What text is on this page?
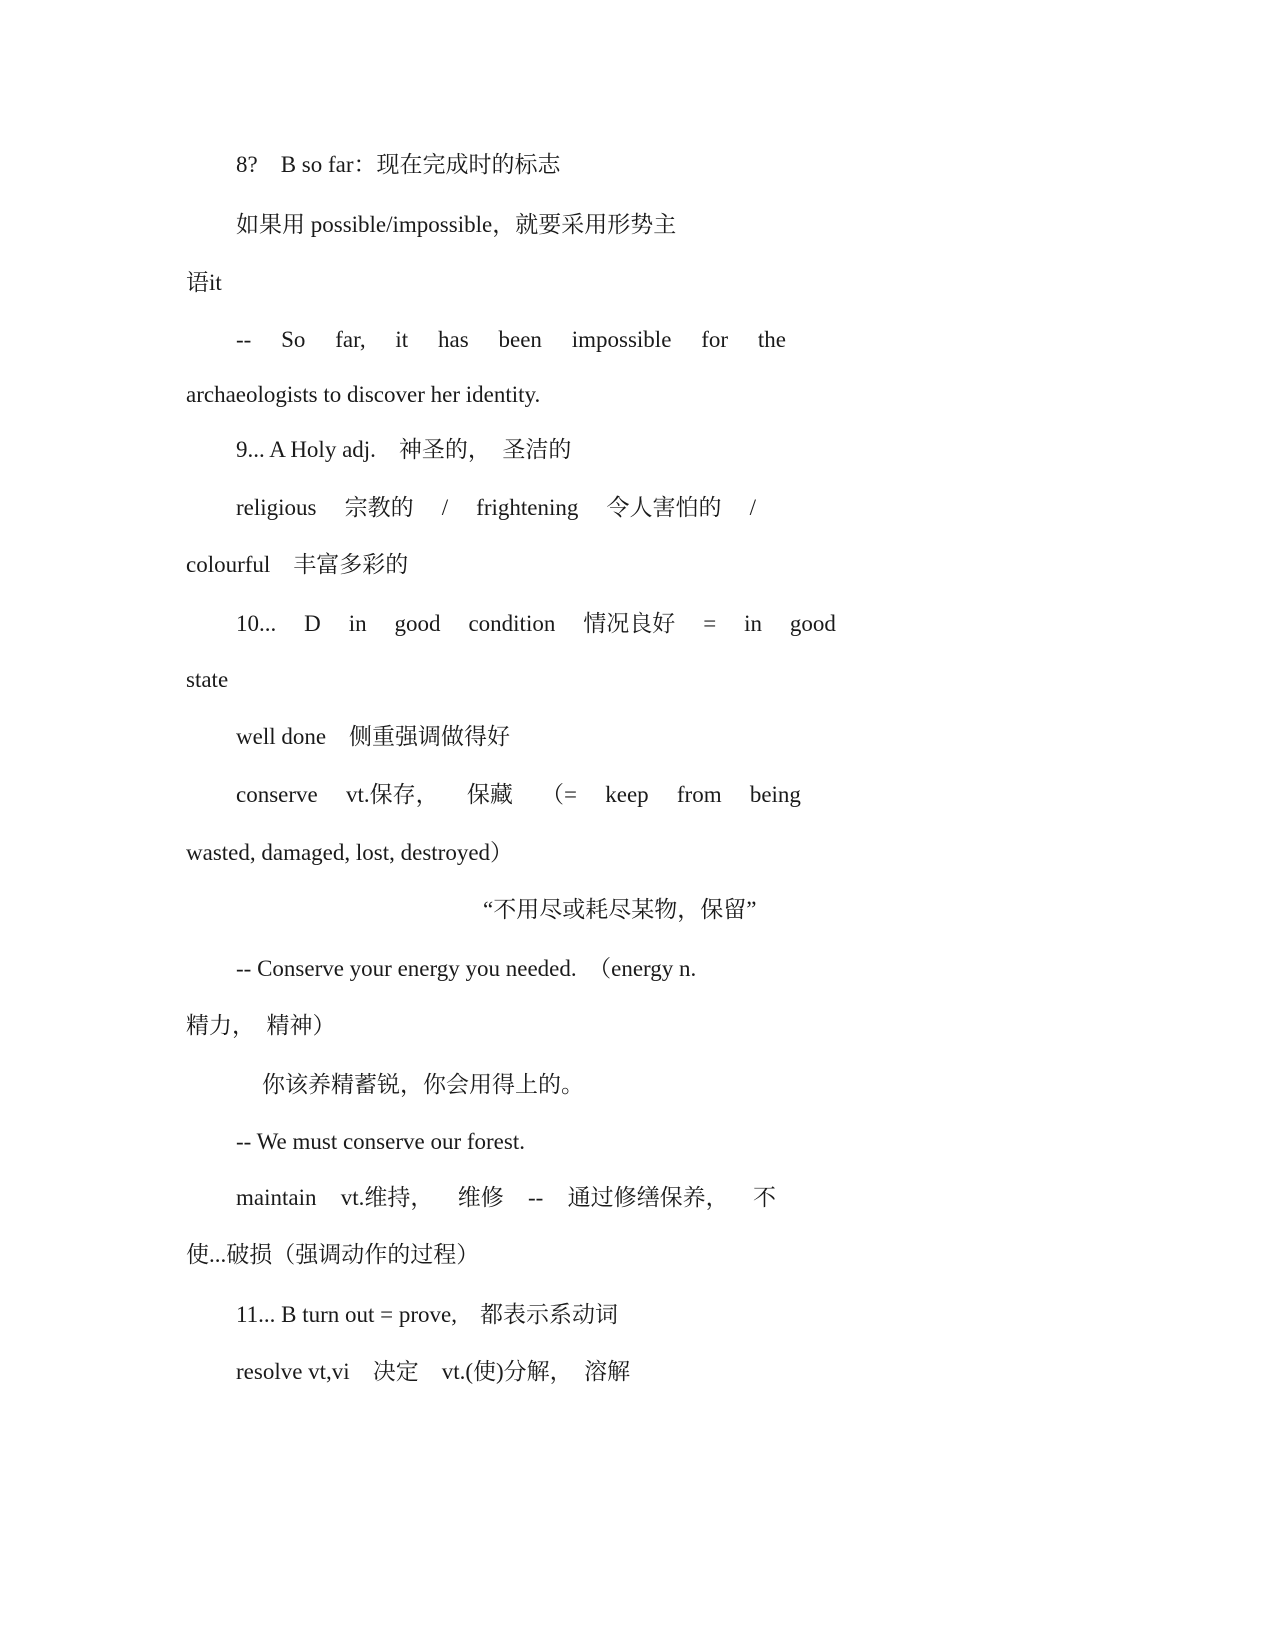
8?　B so far：现在完成时的标志
如果用 possible/impossible，就要采用形势主
语it
-- So far, it has been impossible for the
archaeologists to discover her identity.
9... A Holy adj.　神圣的，　圣洁的
religious 宗教的 / frightening 令人害怕的 /
colourful　丰富多彩的
10... D in good condition 情况良好 = in good
state
well done　侧重强调做得好
conserve vt.保存， 保藏 （= keep from being
wasted, damaged, lost, destroyed）
“不用尽或耗尽某物，保留”
-- Conserve your energy you needed.　（energy n.
精力，　精神）
你该养精蓄锐，你会用得上的。
-- We must conserve our forest.
maintain vt.维持， 维修 -- 通过修缮保养， 不
使...破损（强调动作的过程）
11... B turn out = prove,　都表示系动词
resolve vt,vi　决定　vt.(使)分解，　溶解
